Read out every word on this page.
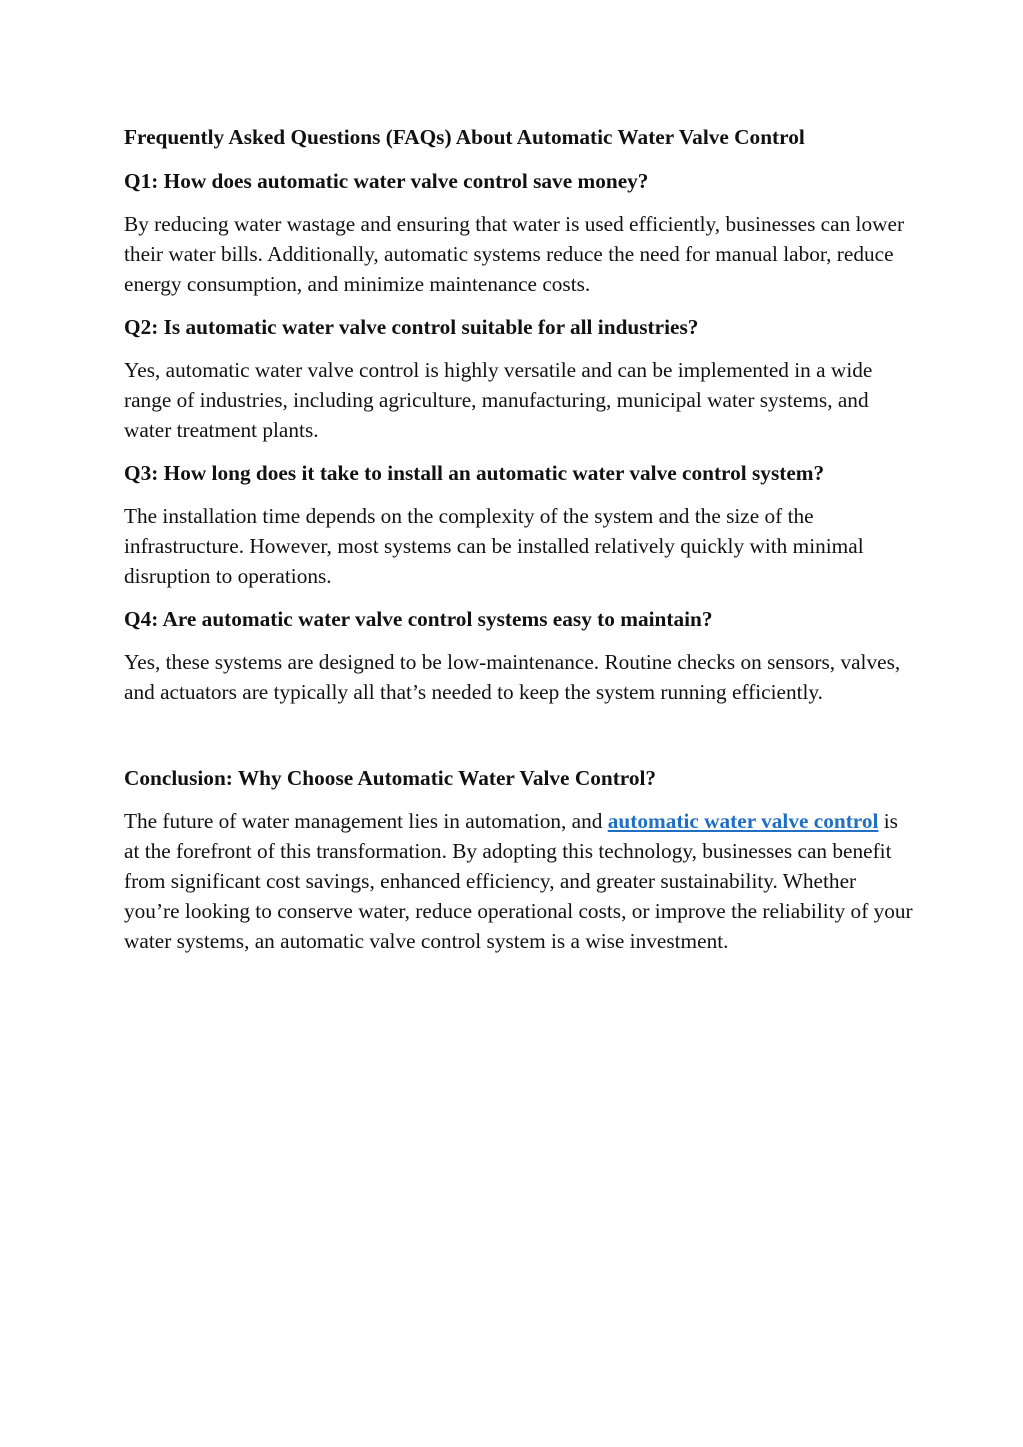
Frequently Asked Questions (FAQs) About Automatic Water Valve Control
Q1: How does automatic water valve control save money?

By reducing water wastage and ensuring that water is used efficiently, businesses can lower their water bills. Additionally, automatic systems reduce the need for manual labor, reduce energy consumption, and minimize maintenance costs.

Q2: Is automatic water valve control suitable for all industries?

Yes, automatic water valve control is highly versatile and can be implemented in a wide range of industries, including agriculture, manufacturing, municipal water systems, and water treatment plants.

Q3: How long does it take to install an automatic water valve control system?

The installation time depends on the complexity of the system and the size of the infrastructure. However, most systems can be installed relatively quickly with minimal disruption to operations.

Q4: Are automatic water valve control systems easy to maintain?

Yes, these systems are designed to be low-maintenance. Routine checks on sensors, valves, and actuators are typically all that’s needed to keep the system running efficiently.

Conclusion: Why Choose Automatic Water Valve Control?

The future of water management lies in automation, and automatic water valve control is at the forefront of this transformation. By adopting this technology, businesses can benefit from significant cost savings, enhanced efficiency, and greater sustainability. Whether you’re looking to conserve water, reduce operational costs, or improve the reliability of your water systems, an automatic valve control system is a wise investment.
